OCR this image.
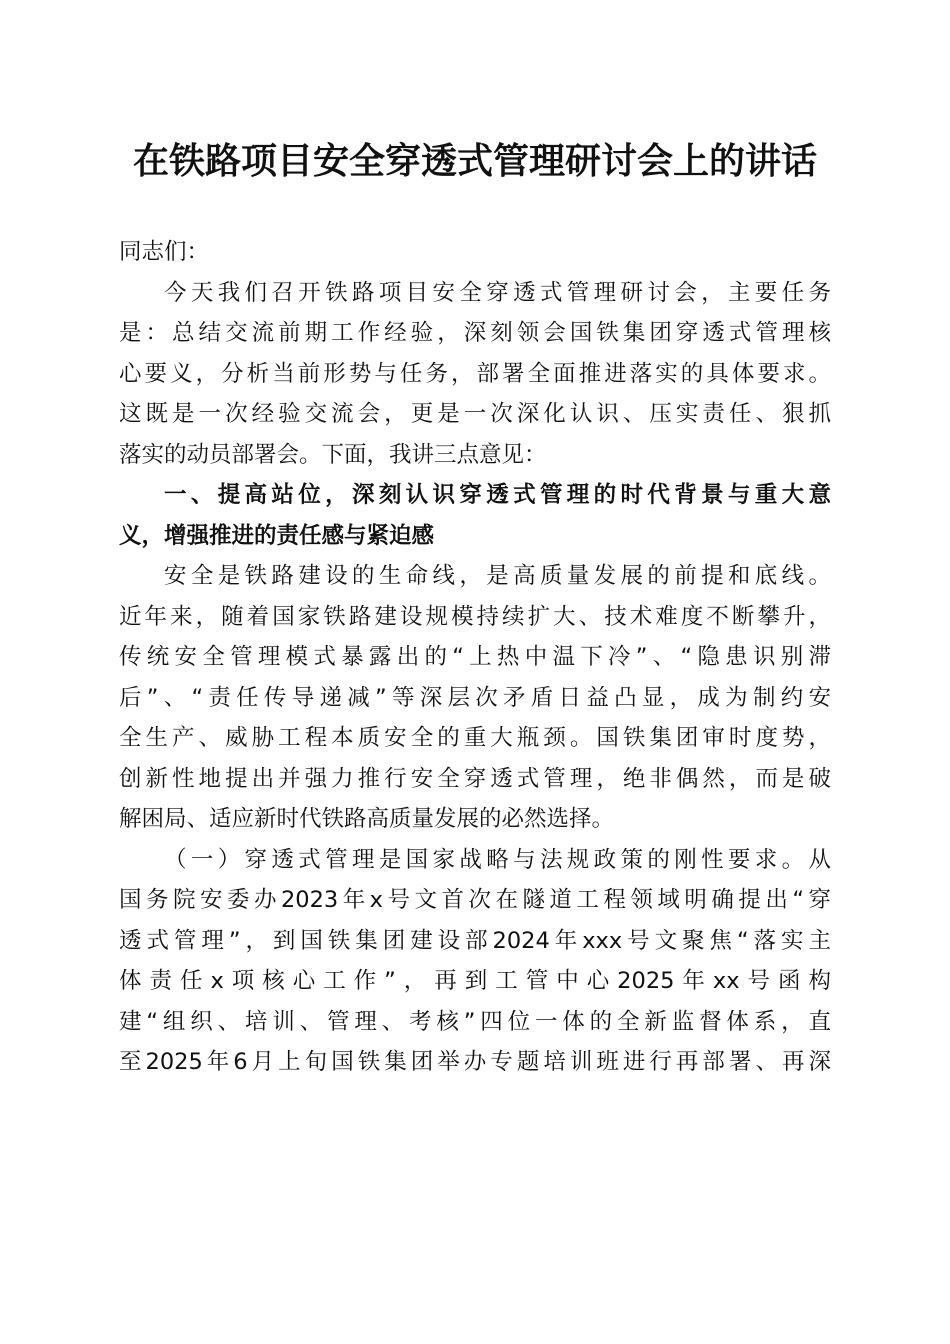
在铁路项目安全穿透式管理研讨会上的讲话
同志们：
今天我们召开铁路项目安全穿透式管理研讨会，主要任务
是：总结交流前期工作经验，深刻领会国铁集团穿透式管理核
心要义，分析当前形势与任务，部署全面推进落实的具体要求。
这既是一次经验交流会，更是一次深化认识、压实责任、狠抓
落实的动员部署会。下面，我讲三点意见：
一、提高站位，深刻认识穿透式管理的时代背景与重大意
义，增强推进的责任感与紧迫感
安全是铁路建设的生命线，是高质量发展的前提和底线。
近年来，随着国家铁路建设规模持续扩大、技术难度不断攀升，
传统安全管理模式暴露出的“上热中温下冷”、“隐患识别滞
后”、“责任传导递减”等深层次矛盾日益凸显，成为制约安
全生产、威胁工程本质安全的重大瓶颈。国铁集团审时度势，
创新性地提出并强力推行安全穿透式管理，绝非偶然，而是破
解困局、适应新时代铁路高质量发展的必然选择。
（一）穿透式管理是国家战略与法规政策的刚性要求。从
国务院安委办2023年x号文首次在隧道工程领域明确提出“穿
透式管理”，到国铁集团建设部2024年xxx号文聚焦“落实主
体责任x项核心工作”，再到工管中心2025年xx号函构
建“组织、培训、管理、考核”四位一体的全新监督体系，直
至2025年6月上旬国铁集团举办专题培训班进行再部署、再深
